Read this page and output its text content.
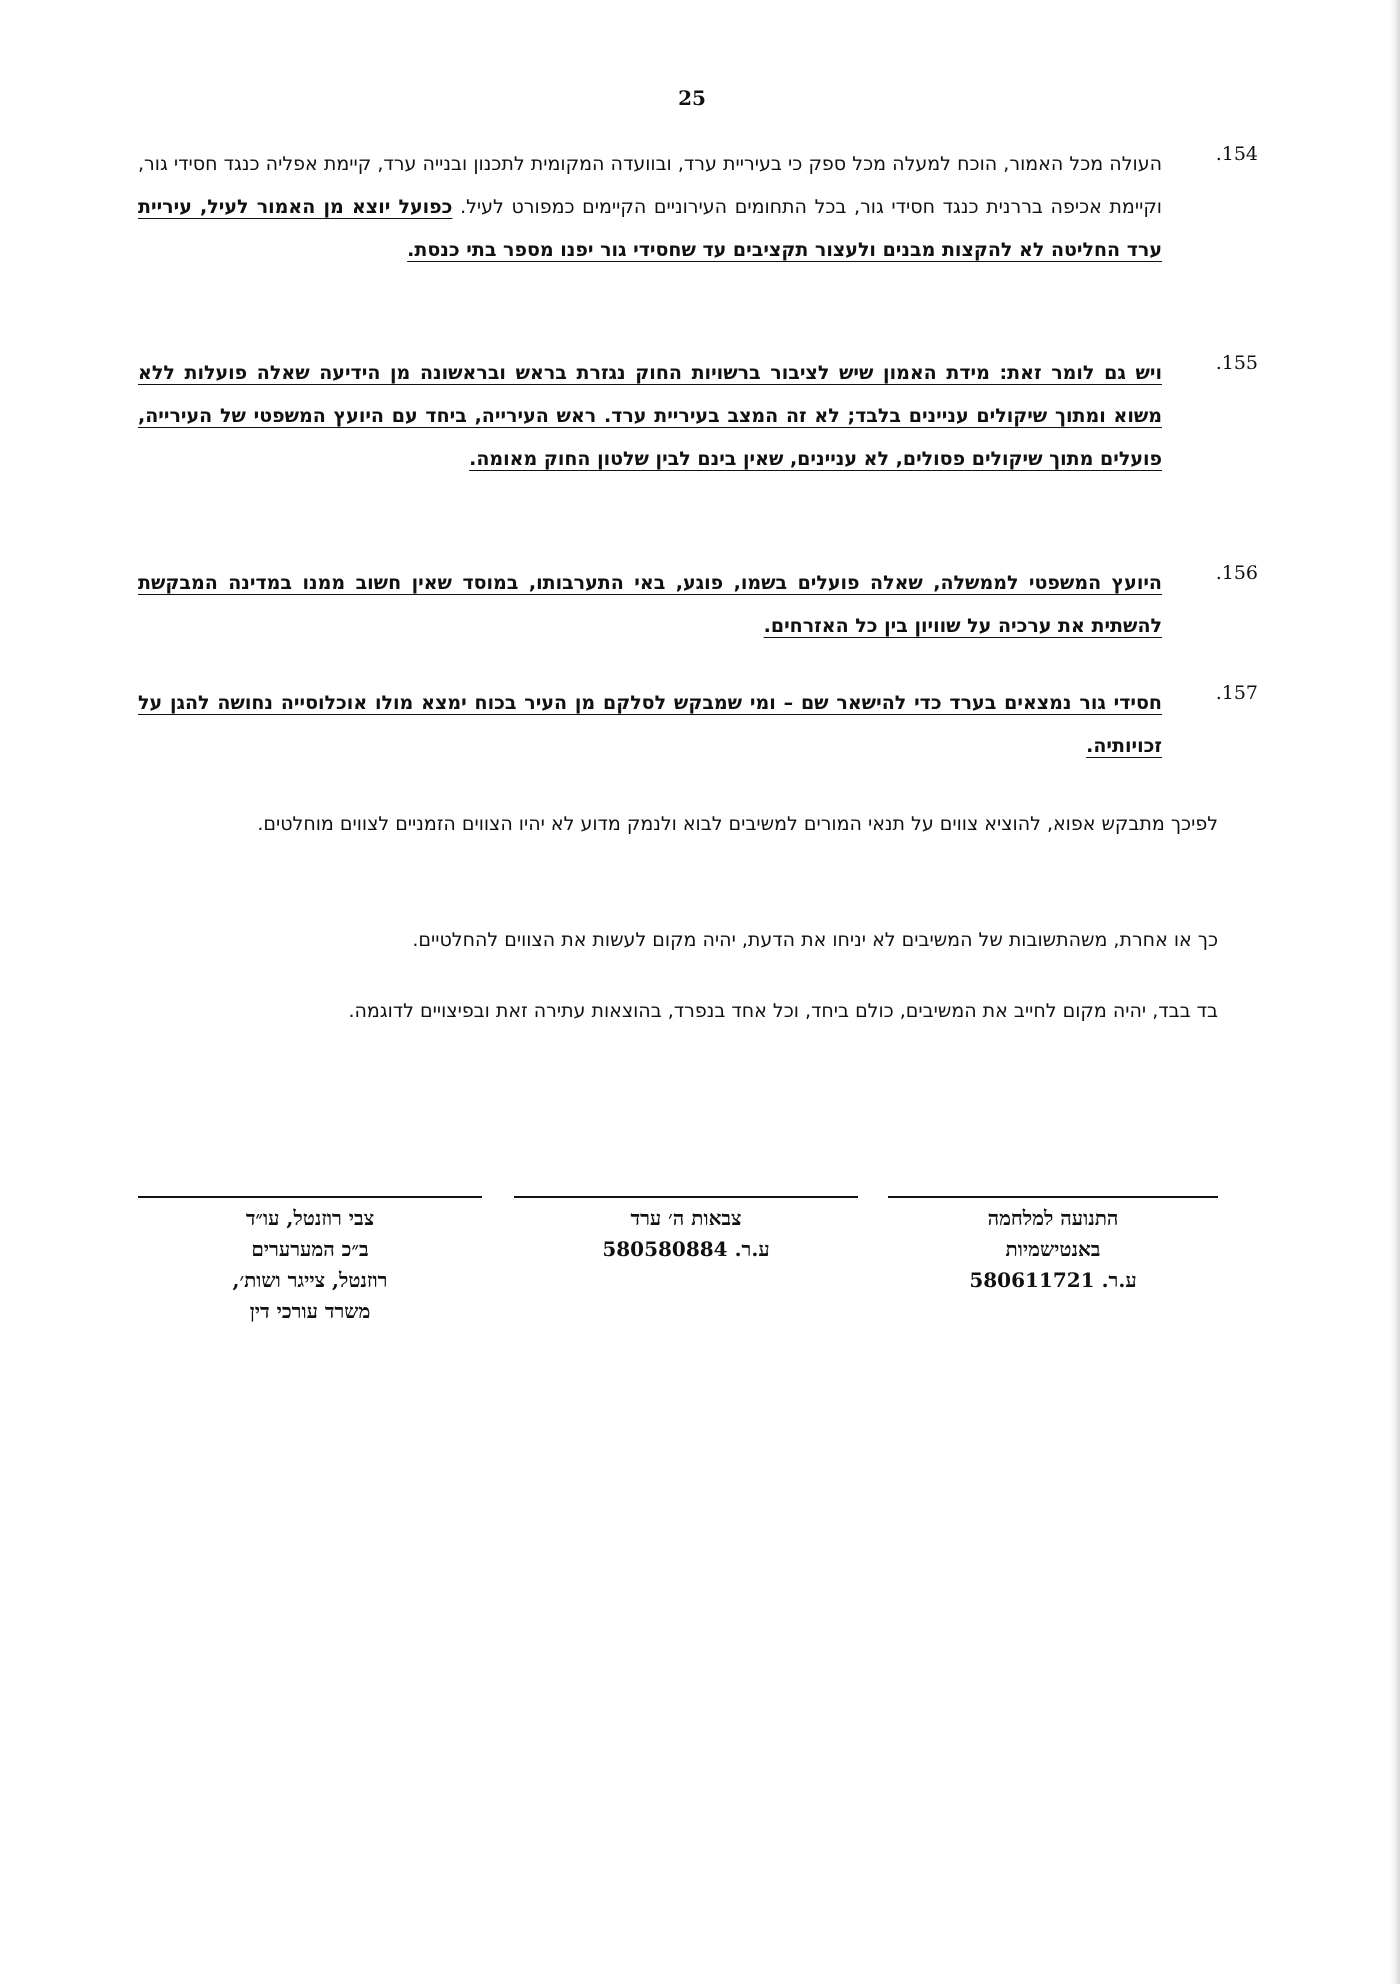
25
.154
העולה מכל האמור, הוכח למעלה מכל ספק כי בעיריית ערד, ובוועדה המקומית לתכנון ובנייה ערד, קיימת אפליה כנגד חסידי גור, וקיימת אכיפה בררנית כנגד חסידי גור, בכל התחומים העירוניים הקיימים כמפורט לעיל. כפועל יוצא מן האמור לעיל, עיריית ערד החליטה לא להקצות מבנים ולעצור תקציבים עד שחסידי גור יפנו מספר בתי כנסת.
.155
ויש גם לומר זאת: מידת האמון שיש לציבור ברשויות החוק נגזרת בראש ובראשונה מן הידיעה שאלה פועלות ללא משוא ומתוך שיקולים עניינים בלבד; לא זה המצב בעיריית ערד. ראש העירייה, ביחד עם היועץ המשפטי של העירייה, פועלים מתוך שיקולים פסולים, לא עניינים, שאין בינם לבין שלטון החוק מאומה.
.156
היועץ המשפטי לממשלה, שאלה פועלים בשמו, פוגע, באי התערבותו, במוסד שאין חשוב ממנו במדינה המבקשת להשתית את ערכיה על שוויון בין כל האזרחים.
.157
חסידי גור נמצאים בערד כדי להישאר שם – ומי שמבקש לסלקם מן העיר בכוח ימצא מולו אוכלוסייה נחושה להגן על זכויותיה.
לפיכך מתבקש אפוא, להוציא צווים על תנאי המורים למשיבים לבוא ולנמק מדוע לא יהיו הצווים הזמניים לצווים מוחלטים.
כך או אחרת, משהתשובות של המשיבים לא יניחו את הדעת, יהיה מקום לעשות את הצווים להחלטיים.
בד בבד, יהיה מקום לחייב את המשיבים, כולם ביחד, וכל אחד בנפרד, בהוצאות עתירה זאת ובפיצויים לדוגמה.
צבי רוזנטל, עו״ד
ב״כ המערערים
רוזנטל, צייגר ושות׳,
משרד עורכי דין
צבאות ה׳ ערד
ע.ר. 580580884
התנועה למלחמה
באנטישמיות
ע.ר. 580611721
